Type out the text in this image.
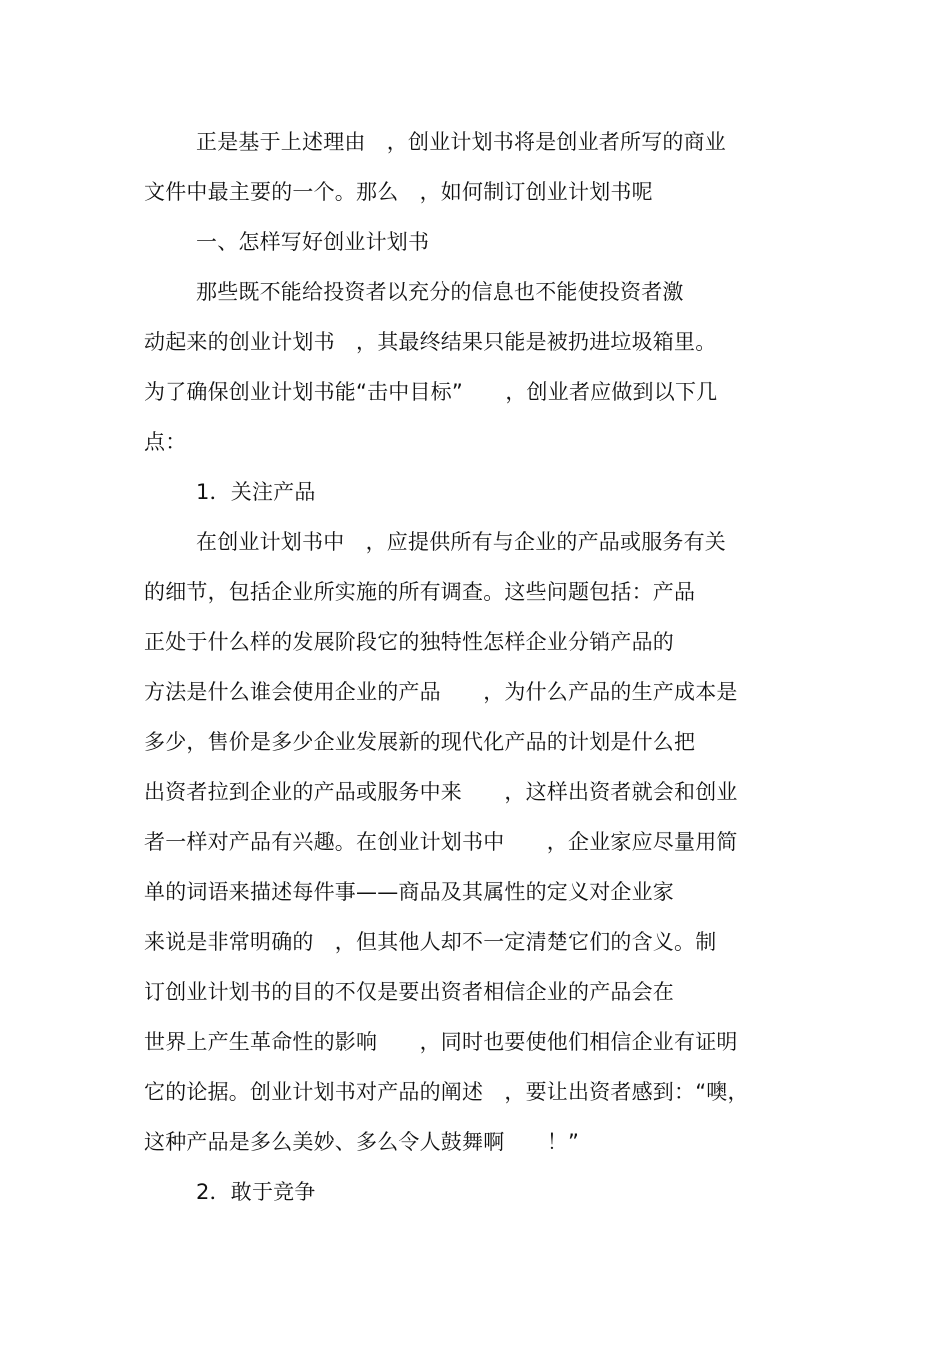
正是基于上述理由　，创业计划书将是创业者所写的商业
文件中最主要的一个。那么　，如何制订创业计划书呢
一、怎样写好创业计划书
那些既不能给投资者以充分的信息也不能使投资者激
动起来的创业计划书　，其最终结果只能是被扔进垃圾箱里。
为了确保创业计划书能“击中目标”　　，创业者应做到以下几
点：
1．关注产品
在创业计划书中　，应提供所有与企业的产品或服务有关
的细节，包括企业所实施的所有调查。这些问题包括：产品
正处于什么样的发展阶段它的独特性怎样企业分销产品的
方法是什么谁会使用企业的产品　　，为什么产品的生产成本是
多少，售价是多少企业发展新的现代化产品的计划是什么把
出资者拉到企业的产品或服务中来　　，这样出资者就会和创业
者一样对产品有兴趣。在创业计划书中　　，企业家应尽量用简
单的词语来描述每件事——商品及其属性的定义对企业家
来说是非常明确的　，但其他人却不一定清楚它们的含义。制
订创业计划书的目的不仅是要出资者相信企业的产品会在
世界上产生革命性的影响　　，同时也要使他们相信企业有证明
它的论据。创业计划书对产品的阐述　，要让出资者感到：“噢，
这种产品是多么美妙、多么令人鼓舞啊　　！”
2．敢于竞争
